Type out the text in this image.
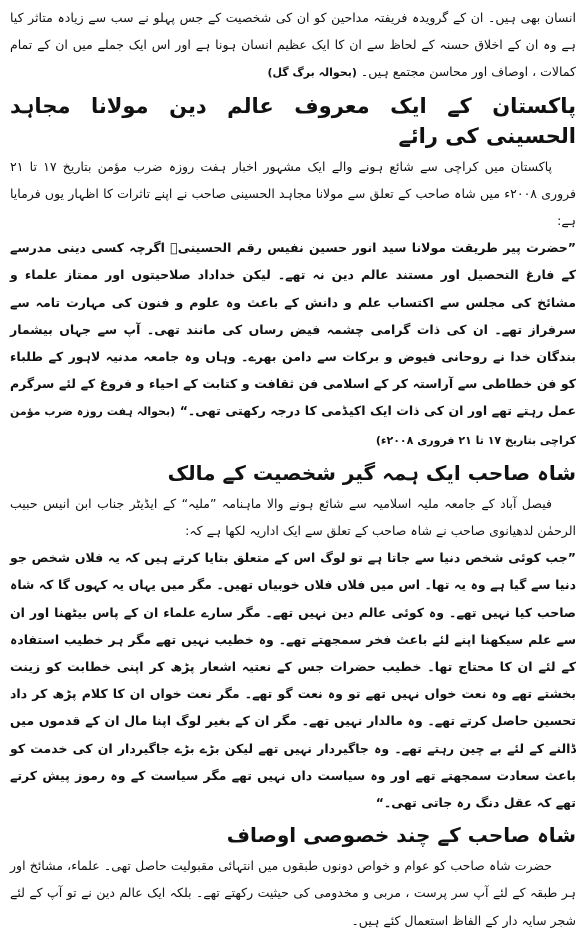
انسان بھی ہیں۔ ان کے گرویدہ فریفتہ مداحین کو ان کی شخصیت کے جس پہلو نے سب سے زیادہ متاثر کیا ہے وہ ان کے اخلاق حسنہ کے لحاظ سے ان کا ایک عظیم انسان ہونا ہے اور اس ایک جملے میں ان کے تمام کمالات ، اوصاف اور محاسن مجتمع ہیں۔ (بحوالہ برگ گل)

پاکستان کے ایک معروف عالم دین مولانا مجاہد الحسینی کی رائے

پاکستان میں کراچی سے شائع ہونے والے ایک مشہور اخبار ہفت روزہ ضرب مؤمن بتاریخ ۱۷ تا ۲۱ فروری ۲۰۰۸ء میں شاہ صاحب کے تعلق سے مولانا مجاہد الحسینی صاحب نے اپنے تاثرات کا اظہار یوں فرمایا ہے:

”حضرت پیر طریقت مولانا سید انور حسین نفیس رقم الحسینیؒ اگرچہ کسی دینی مدرسے کے فارغ التحصیل اور مستند عالم دین نہ تھے۔ لیکن خداداد صلاحیتوں اور ممتاز علماء و مشائخ کی مجلس سے اکتساب علم و دانش کے باعث وہ علوم و فنون کی مہارت تامہ سے سرفراز تھے۔ ان کی ذات گرامی چشمہ فیض رساں کی مانند تھی۔ آپ سے جہاں بیشمار بندگان خدا نے روحانی فیوض و برکات سے دامن بھرے۔ وہاں وہ جامعہ مدنیہ لاہور کے طلباء کو فن خطاطی سے آراستہ کر کے اسلامی فن ثقافت و کتابت کے احیاء و فروغ کے لئے سرگرم عمل رہتے تھے اور ان کی ذات ایک اکیڈمی کا درجہ رکھتی تھی۔“ (بحوالہ ہفت روزہ ضرب مؤمن کراچی بتاریخ ۱۷ تا ۲۱ فروری ۲۰۰۸ء)

شاہ صاحب ایک ہمہ گیر شخصیت کے مالک

فیصل آباد کے جامعہ ملیہ اسلامیہ سے شائع ہونے والا ماہنامہ ”ملیہ“ کے ایڈیٹر جناب ابن انیس حبیب الرحمٰن لدھیانوی صاحب نے شاہ صاحب کے تعلق سے ایک اداریہ لکھا ہے کہ:

”جب کوئی شخص دنیا سے جاتا ہے تو لوگ اس کے متعلق بتایا کرتے ہیں کہ یہ فلاں شخص جو دنیا سے گیا ہے وہ یہ تھا۔ اس میں فلاں فلاں خوبیاں تھیں۔ مگر میں یہاں یہ کہوں گا کہ شاہ صاحب کیا نہیں تھے۔ وہ کوئی عالم دین نہیں تھے۔ مگر سارے علماء ان کے پاس بیٹھنا اور ان سے علم سیکھنا اپنے لئے باعث فخر سمجھتے تھے۔ وہ خطیب نہیں تھے مگر ہر خطیب استفادہ کے لئے ان کا محتاج تھا۔ خطیب حضرات جس کے نعتیہ اشعار پڑھ کر اپنی خطابت کو زینت بخشتے تھے وہ نعت خواں نہیں تھے تو وہ نعت گو تھے۔ مگر نعت خواں ان کا کلام پڑھ کر داد تحسین حاصل کرتے تھے۔ وہ مالدار نہیں تھے۔ مگر ان کے بغیر لوگ اپنا مال ان کے قدموں میں ڈالنے کے لئے بے چین رہتے تھے۔ وہ جاگیردار نہیں تھے لیکن بڑے بڑے جاگیردار ان کی خدمت کو باعث سعادت سمجھتے تھے اور وہ سیاست داں نہیں تھے مگر سیاست کے وہ رموز پیش کرتے تھے کہ عقل دنگ رہ جاتی تھی۔“

شاہ صاحب کے چند خصوصی اوصاف

حضرت شاہ صاحب کو عوام و خواص دونوں طبقوں میں انتہائی مقبولیت حاصل تھی۔ علماء، مشائخ اور ہر طبقہ کے لئے آپ سر پرست ، مربی و مخدومی کی حیثیت رکھتے تھے۔ بلکہ ایک عالم دین نے تو آپ کے لئے شجر سایہ دار کے الفاظ استعمال کئے ہیں۔
